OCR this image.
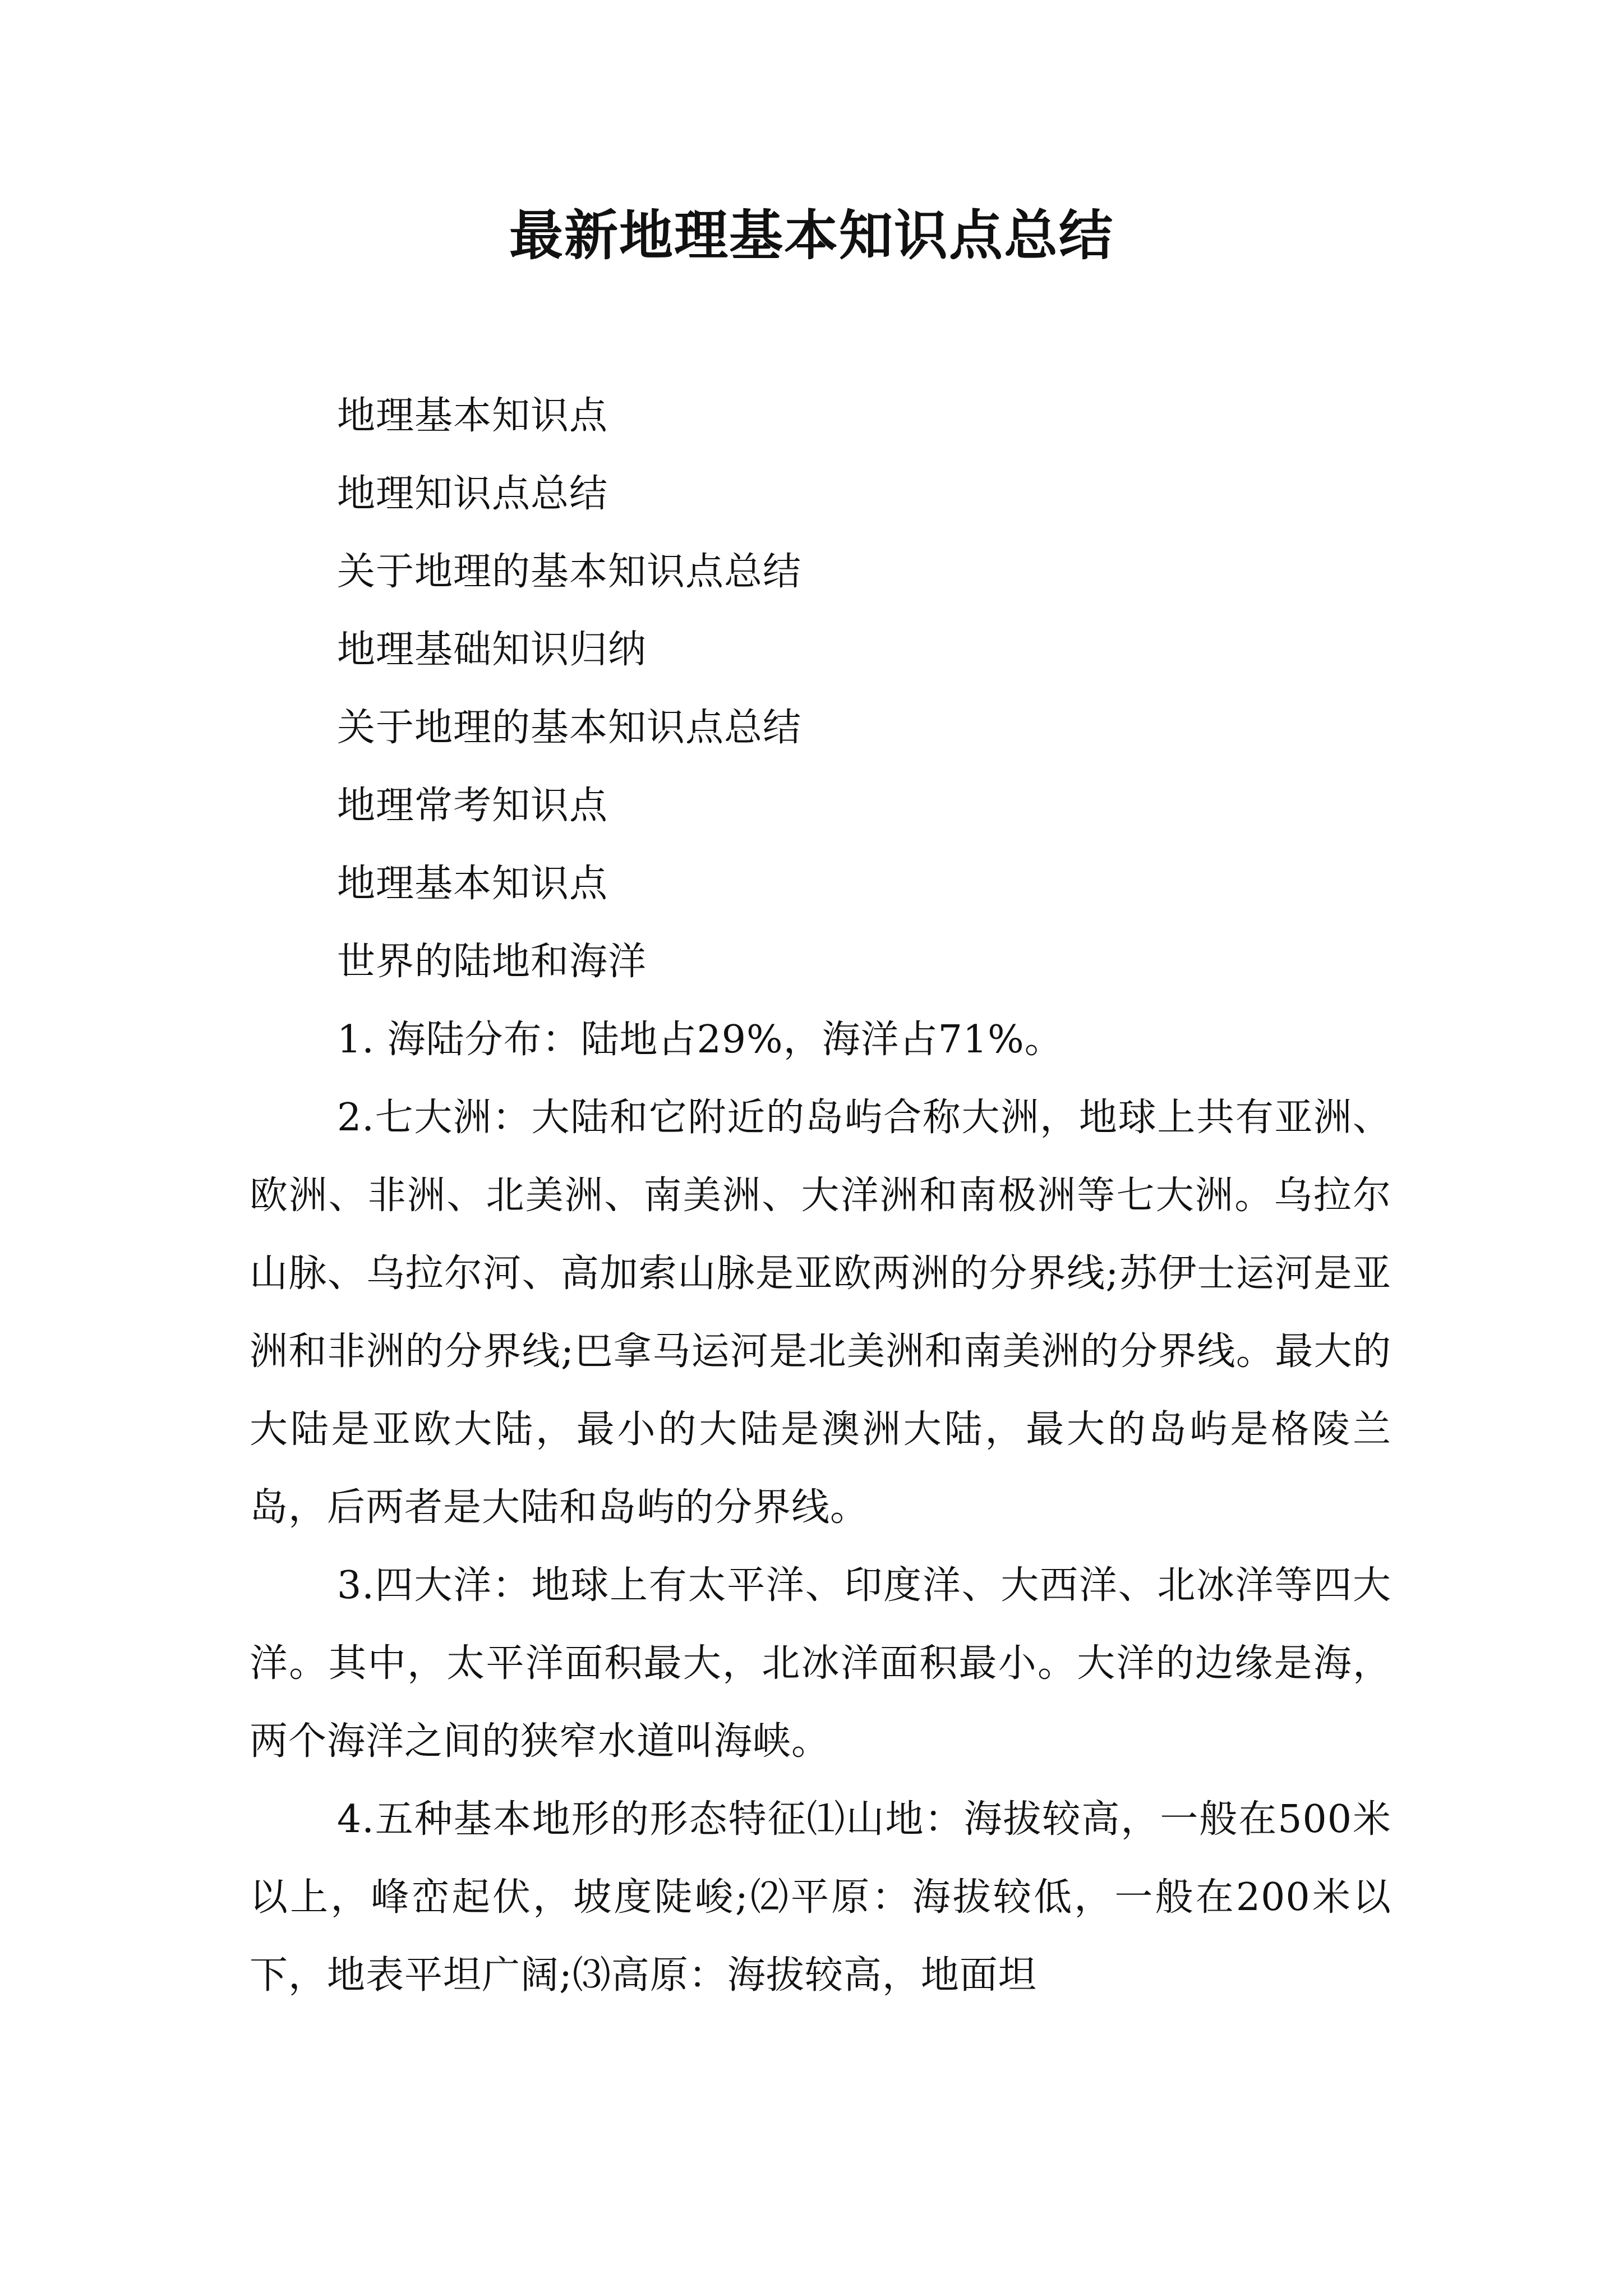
最新地理基本知识点总结
地理基本知识点
地理知识点总结
关于地理的基本知识点总结
地理基础知识归纳
关于地理的基本知识点总结
地理常考知识点
地理基本知识点
世界的陆地和海洋

1. 海陆分布：陆地占29%，海洋占71%。

2.七大洲：大陆和它附近的岛屿合称大洲，地球上共有亚洲、欧洲、非洲、北美洲、南美洲、大洋洲和南极洲等七大洲。乌拉尔山脉、乌拉尔河、高加索山脉是亚欧两洲的分界线;苏伊士运河是亚洲和非洲的分界线;巴拿马运河是北美洲和南美洲的分界线。最大的大陆是亚欧大陆，最小的大陆是澳洲大陆，最大的岛屿是格陵兰岛，后两者是大陆和岛屿的分界线。

3.四大洋：地球上有太平洋、印度洋、大西洋、北冰洋等四大洋。其中，太平洋面积最大，北冰洋面积最小。大洋的边缘是海，两个海洋之间的狭窄水道叫海峡。

4.五种基本地形的形态特征⑴山地：海拔较高，一般在500米以上，峰峦起伏，坡度陡峻;⑵平原：海拔较低，一般在200米以下，地表平坦广阔;⑶高原：海拔较高，地面坦
